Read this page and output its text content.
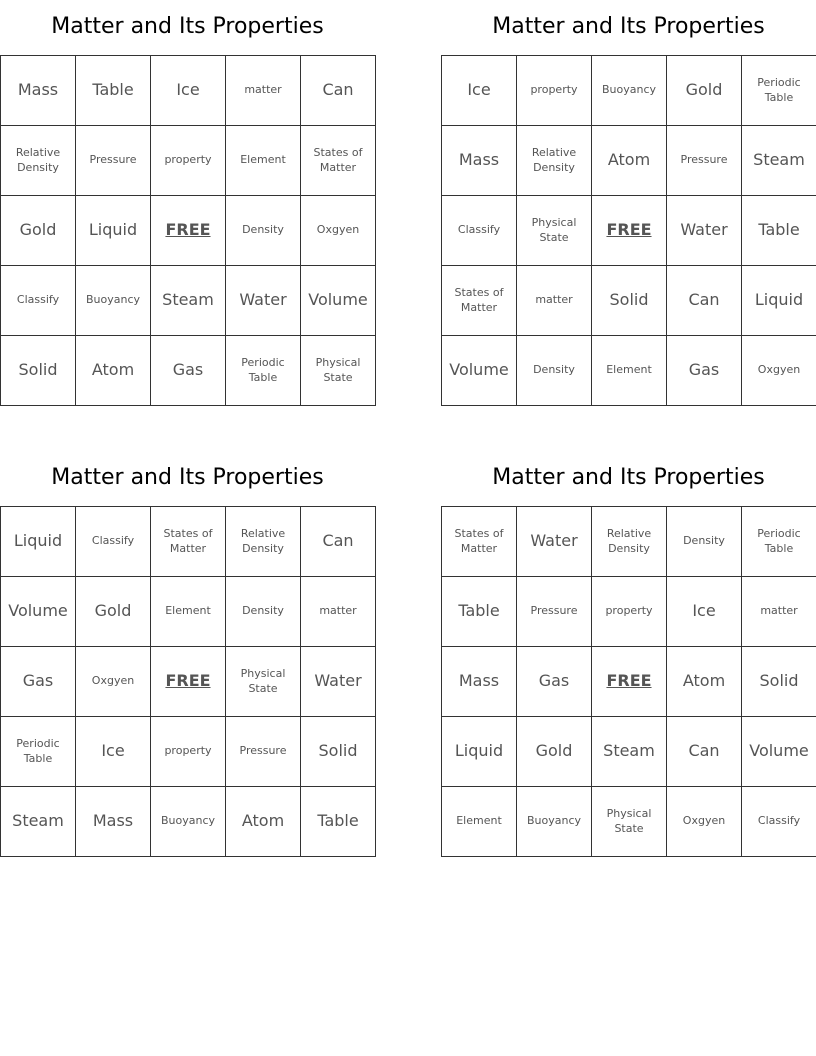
Matter and Its Properties
Mass	Table	Ice	matter	Can
Relative Density	Pressure	property	Element	States of Matter
Gold	Liquid	FREE	Density	Oxgyen
Classify	Buoyancy	Steam	Water	Volume
Solid	Atom	Gas	Periodic Table	Physical State
Matter and Its Properties
Ice	property	Buoyancy	Gold	Periodic Table
Mass	Relative Density	Atom	Pressure	Steam
Classify	Physical State	FREE	Water	Table
States of Matter	matter	Solid	Can	Liquid
Volume	Density	Element	Gas	Oxgyen
Matter and Its Properties
Liquid	Classify	States of Matter	Relative Density	Can
Volume	Gold	Element	Density	matter
Gas	Oxgyen	FREE	Physical State	Water
Periodic Table	Ice	property	Pressure	Solid
Steam	Mass	Buoyancy	Atom	Table
Matter and Its Properties
States of Matter	Water	Relative Density	Density	Periodic Table
Table	Pressure	property	Ice	matter
Mass	Gas	FREE	Atom	Solid
Liquid	Gold	Steam	Can	Volume
Element	Buoyancy	Physical State	Oxgyen	Classify
